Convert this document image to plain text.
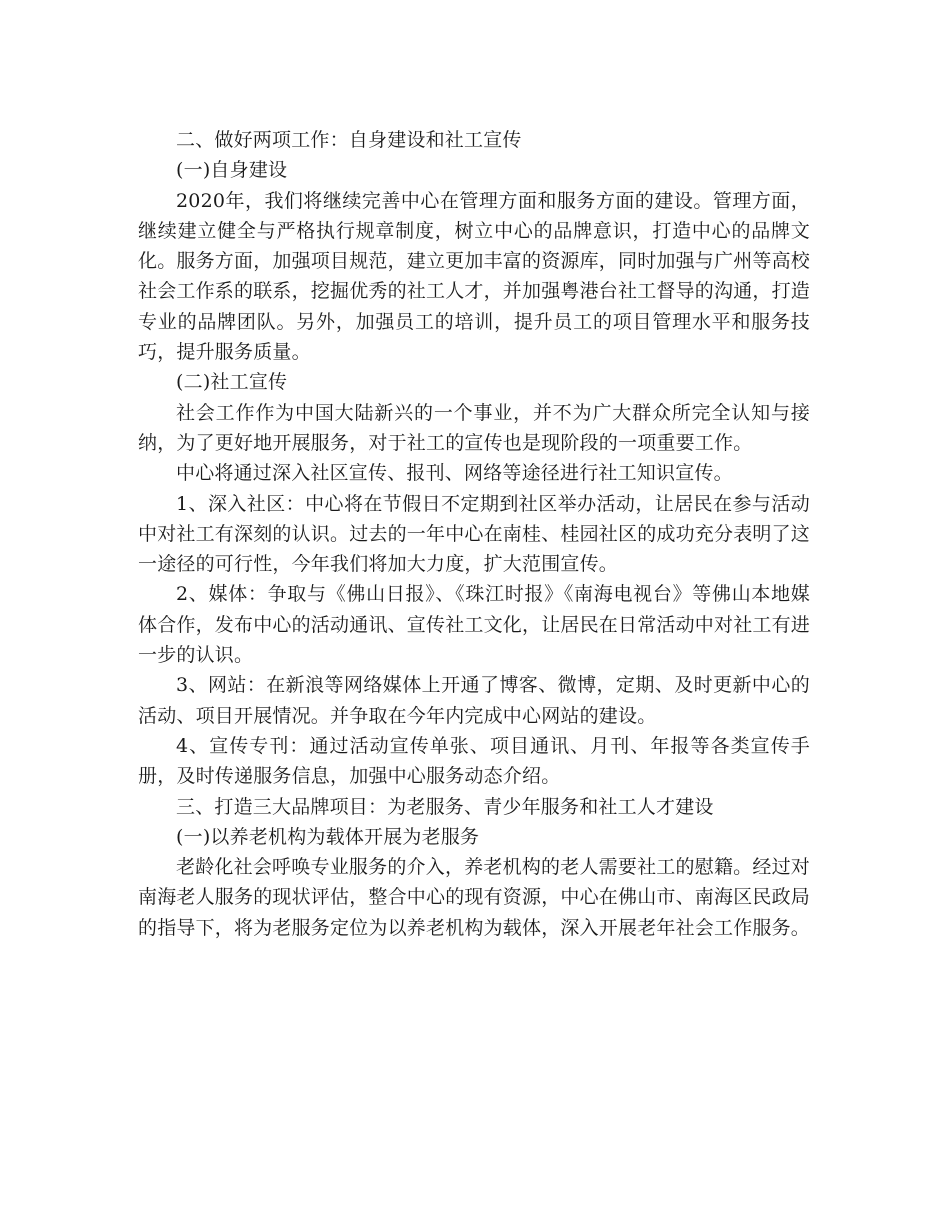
二、做好两项工作：自身建设和社工宣传

(一)自身建设

2020年，我们将继续完善中心在管理方面和服务方面的建设。管理方面，继续建立健全与严格执行规章制度，树立中心的品牌意识，打造中心的品牌文化。服务方面，加强项目规范，建立更加丰富的资源库，同时加强与广州等高校社会工作系的联系，挖掘优秀的社工人才，并加强粤港台社工督导的沟通，打造专业的品牌团队。另外，加强员工的培训，提升员工的项目管理水平和服务技巧，提升服务质量。

(二)社工宣传

社会工作作为中国大陆新兴的一个事业，并不为广大群众所完全认知与接纳，为了更好地开展服务，对于社工的宣传也是现阶段的一项重要工作。

中心将通过深入社区宣传、报刊、网络等途径进行社工知识宣传。

1、深入社区：中心将在节假日不定期到社区举办活动，让居民在参与活动中对社工有深刻的认识。过去的一年中心在南桂、桂园社区的成功充分表明了这一途径的可行性，今年我们将加大力度，扩大范围宣传。

2、媒体：争取与《佛山日报》、《珠江时报》《南海电视台》等佛山本地媒体合作，发布中心的活动通讯、宣传社工文化，让居民在日常活动中对社工有进一步的认识。

3、网站：在新浪等网络媒体上开通了博客、微博，定期、及时更新中心的活动、项目开展情况。并争取在今年内完成中心网站的建设。

4、宣传专刊：通过活动宣传单张、项目通讯、月刊、年报等各类宣传手册，及时传递服务信息，加强中心服务动态介绍。

三、打造三大品牌项目：为老服务、青少年服务和社工人才建设

(一)以养老机构为载体开展为老服务

老龄化社会呼唤专业服务的介入，养老机构的老人需要社工的慰籍。经过对南海老人服务的现状评估，整合中心的现有资源，中心在佛山市、南海区民政局的指导下，将为老服务定位为以养老机构为载体，深入开展老年社会工作服务。
